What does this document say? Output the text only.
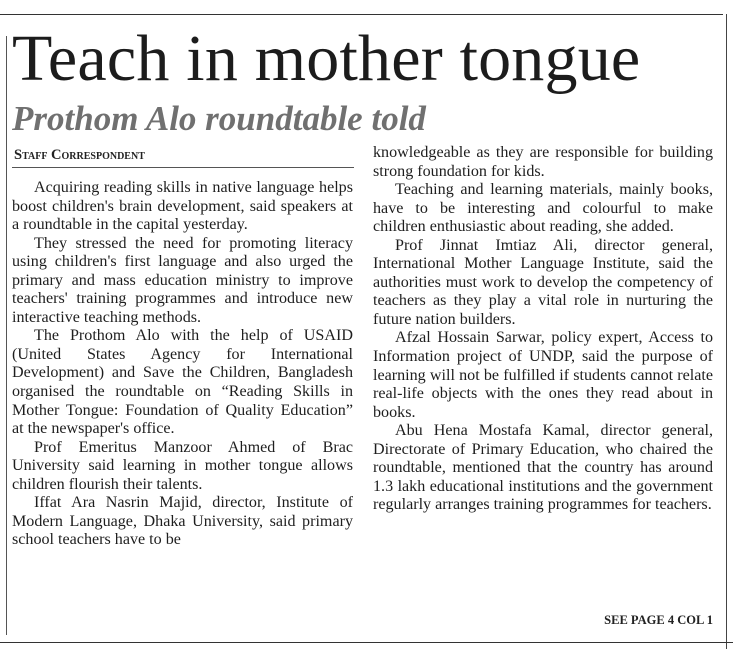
Teach in mother tongue
Prothom Alo roundtable told
Staff Correspondent

Acquiring reading skills in native language helps boost children's brain development, said speakers at a roundtable in the capital yesterday.

They stressed the need for promoting literacy using children's first language and also urged the primary and mass education ministry to improve teachers' training programmes and introduce new interactive teaching methods.

The Prothom Alo with the help of USAID (United States Agency for International Development) and Save the Children, Bangladesh organised the roundtable on “Reading Skills in Mother Tongue: Foundation of Quality Education” at the newspaper's office.

Prof Emeritus Manzoor Ahmed of Brac University said learning in mother tongue allows children flourish their talents.

Iffat Ara Nasrin Majid, director, Institute of Modern Language, Dhaka University, said primary school teachers have to be

knowledgeable as they are responsible for building strong foundation for kids.

Teaching and learning materials, mainly books, have to be interesting and colourful to make children enthusiastic about reading, she added.

Prof Jinnat Imtiaz Ali, director general, International Mother Language Institute, said the authorities must work to develop the competency of teachers as they play a vital role in nurturing the future nation builders.

Afzal Hossain Sarwar, policy expert, Access to Information project of UNDP, said the purpose of learning will not be fulfilled if students cannot relate real-life objects with the ones they read about in books.

Abu Hena Mostafa Kamal, director general, Directorate of Primary Education, who chaired the roundtable, mentioned that the country has around 1.3 lakh educational institutions and the government regularly arranges training programmes for teachers.

SEE PAGE 4 COL 1
